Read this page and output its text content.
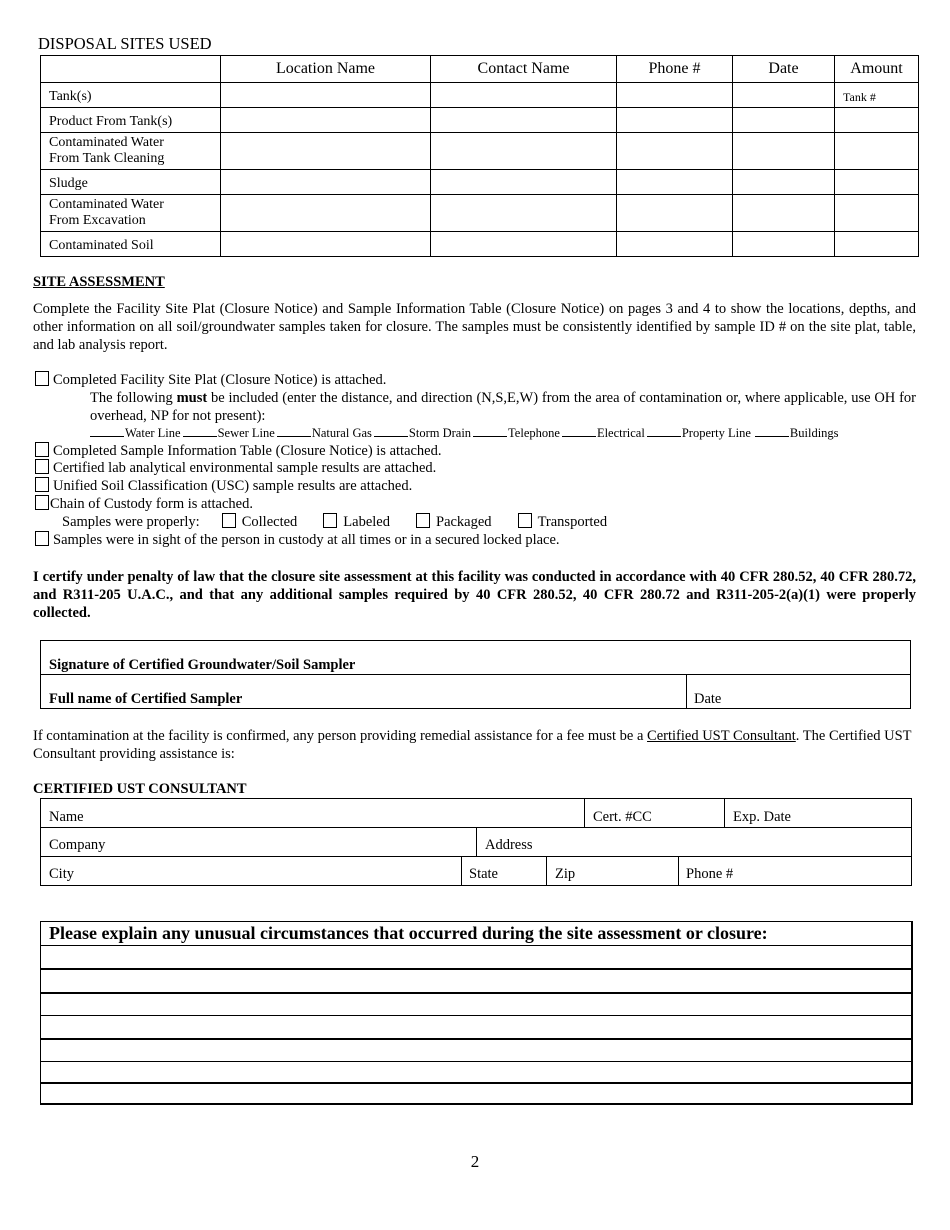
DISPOSAL SITES USED
	Location Name	Contact Name	Phone #	Date	Amount
Tank(s)					Tank #
Product From Tank(s)					
Contaminated Water
From Tank Cleaning					
Sludge					
Contaminated Water
From Excavation					
Contaminated Soil					
SITE ASSESSMENT
Complete the Facility Site Plat (Closure Notice) and Sample Information Table (Closure Notice) on pages 3 and 4 to show the locations, depths, and other information on all soil/groundwater samples taken for closure. The samples must be consistently identified by sample ID # on the site plat, table, and lab analysis report.
Completed Facility Site Plat (Closure Notice) is attached.
The following must be included (enter the distance, and direction (N,S,E,W) from the area of contamination or, where applicable, use OH for overhead, NP for not present):
Water Line	Sewer Line	Natural Gas	Storm Drain	Telephone	Electrical	Property Line	Buildings
Completed Sample Information Table (Closure Notice) is attached.
Certified lab analytical environmental sample results are attached.
Unified Soil Classification (USC) sample results are attached.
Chain of Custody form is attached.
Samples were properly:	Collected	Labeled	Packaged	Transported
Samples were in sight of the person in custody at all times or in a secured locked place.
I certify under penalty of law that the closure site assessment at this facility was conducted in accordance with 40 CFR 280.52, 40 CFR 280.72, and R311-205 U.A.C., and that any additional samples required by 40 CFR 280.52, 40 CFR 280.72 and R311-205-2(a)(1) were properly collected.
Signature of Certified Groundwater/Soil Sampler
Full name of Certified Sampler	Date
If contamination at the facility is confirmed, any person providing remedial assistance for a fee must be a Certified UST Consultant. The Certified UST Consultant providing assistance is:
CERTIFIED UST CONSULTANT
Name	Cert. #CC	Exp. Date
Company	Address
City	State	Zip	Phone #
Please explain any unusual circumstances that occurred during the site assessment or closure:
2
